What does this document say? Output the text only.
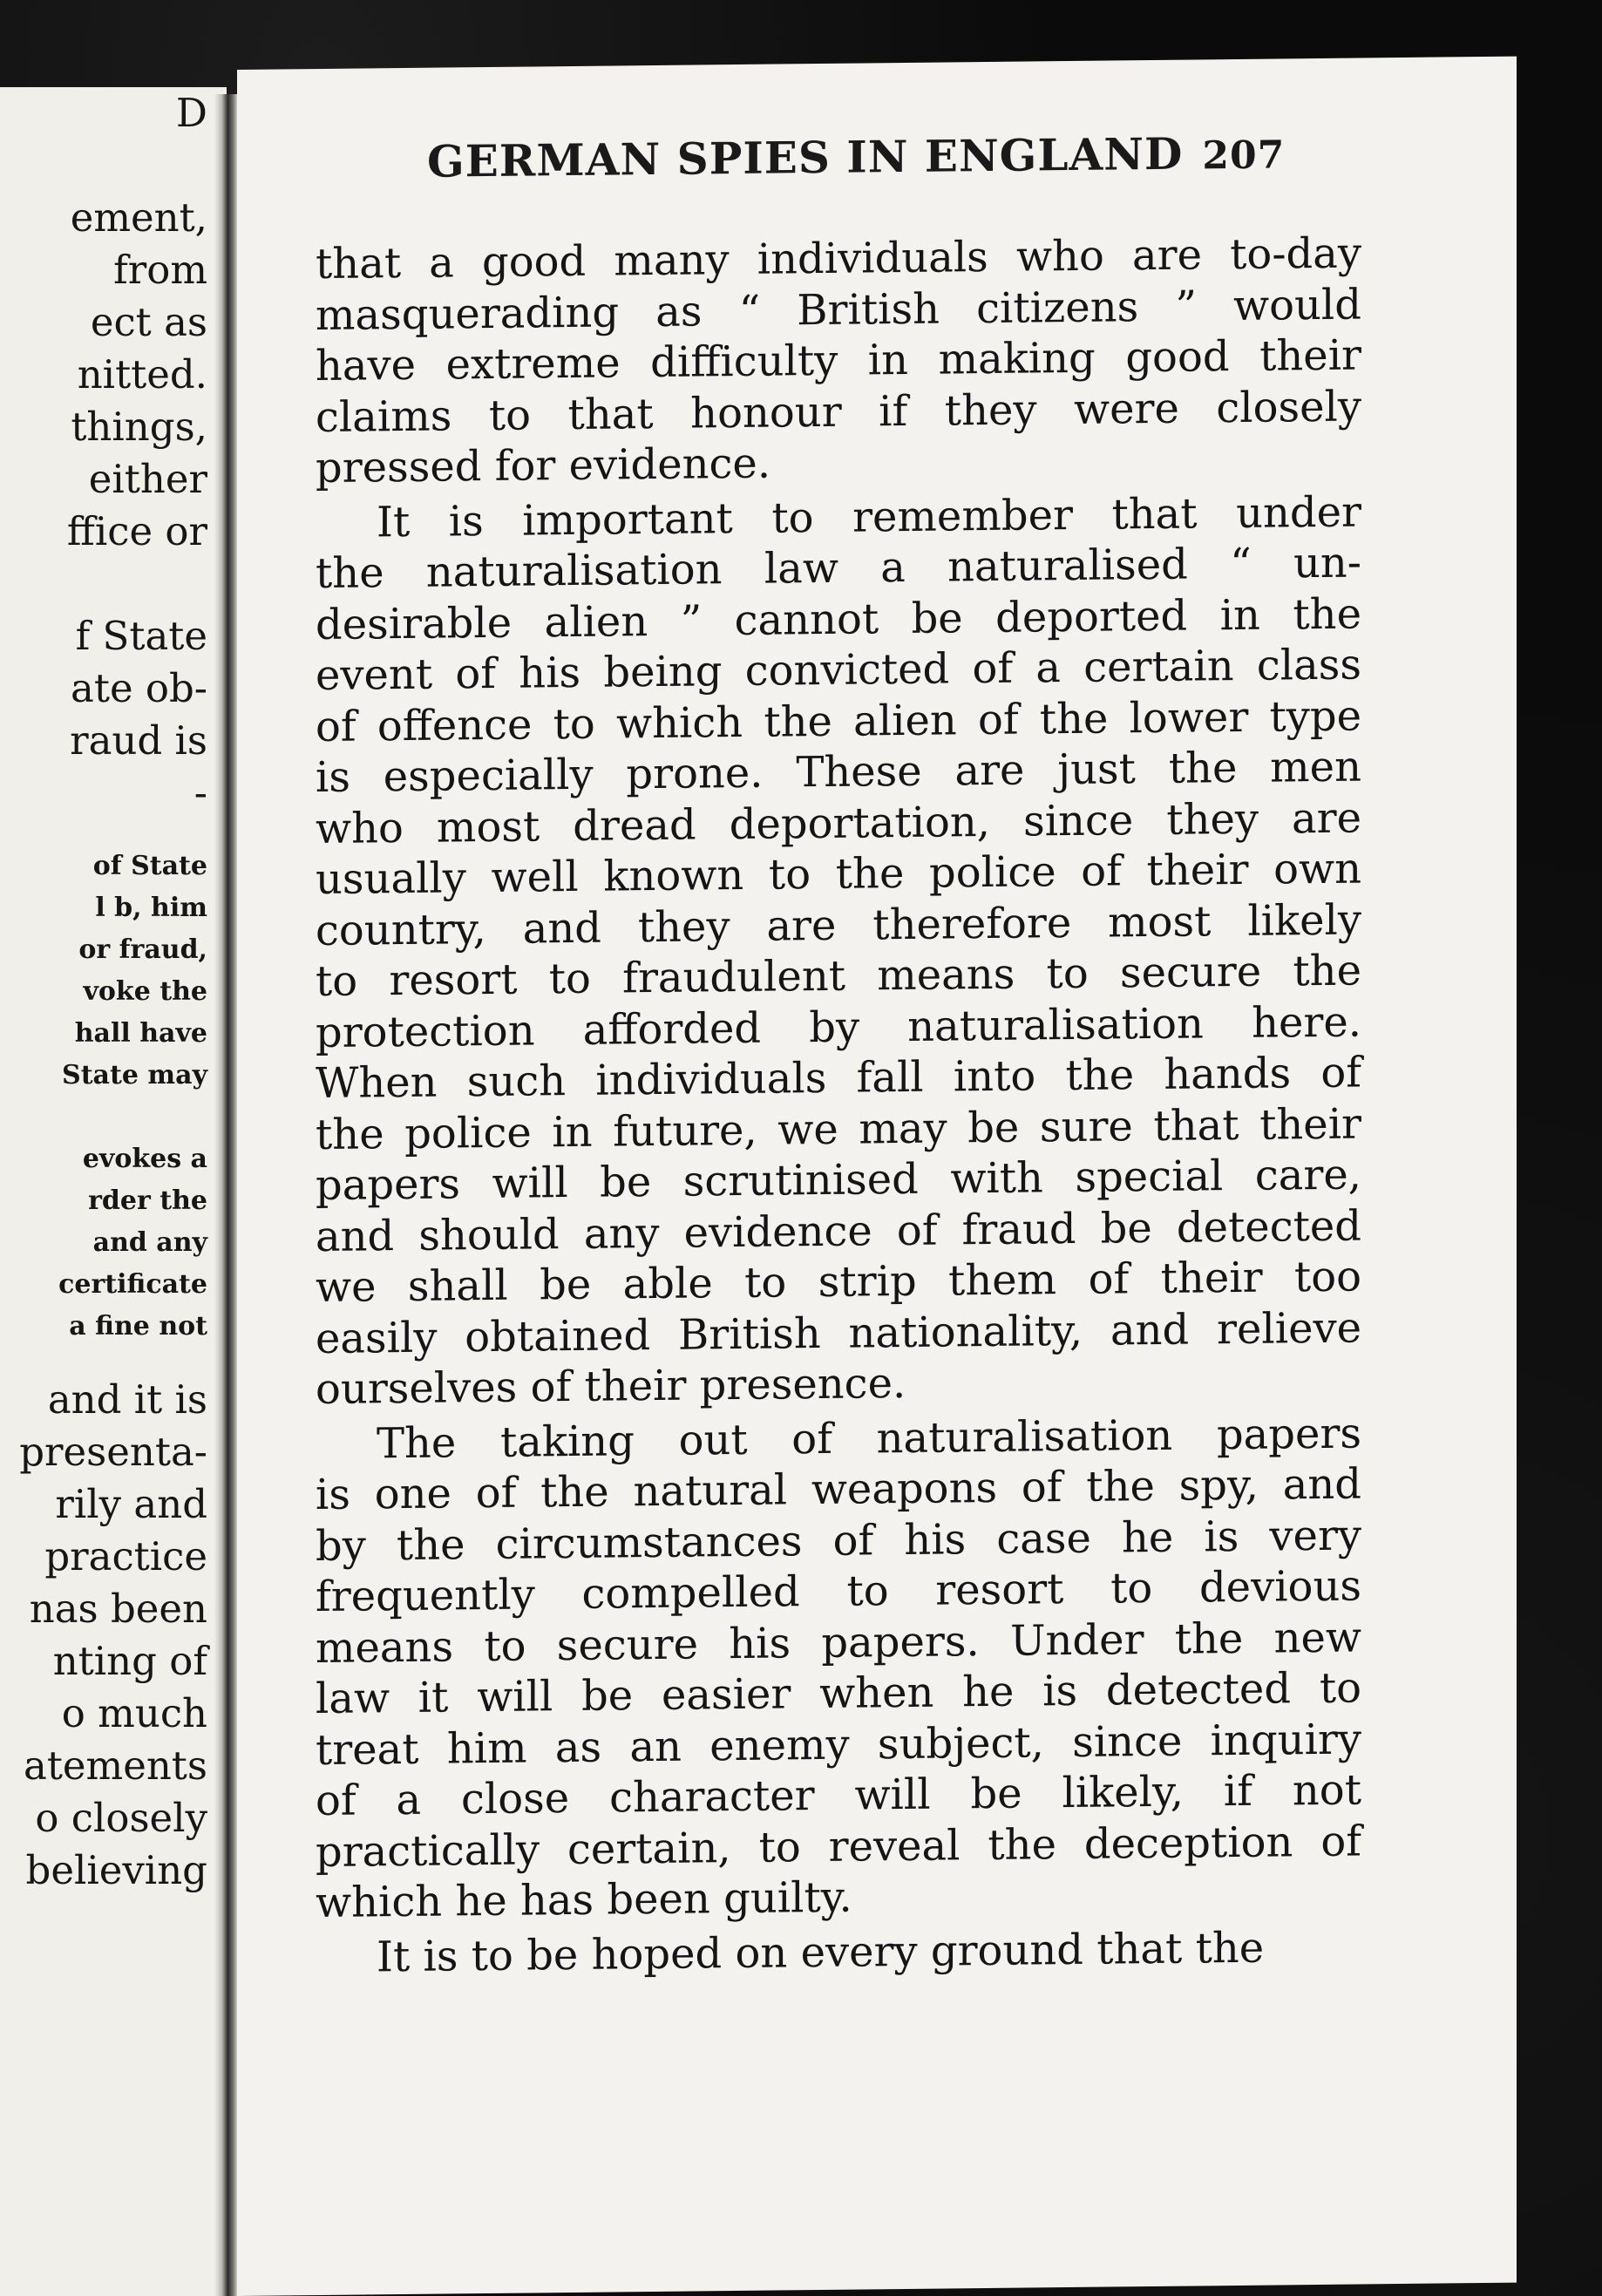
D

ement,
from
ect as
nitted.
things,
either
ffice or

f State
ate ob-
raud is
-
of State
l b, him
or fraud,
voke the
hall have
State may

evokes a
rder the
and any
certificate
a fine not
and it is
presenta-
rily and
practice
nas been
nting of
o much
atements
o closely
believing
GERMAN SPIES IN ENGLAND 207
that a good many individuals who are to-day
masquerading as “ British citizens ” would
have extreme difficulty in making good their
claims to that honour if they were closely
pressed for evidence.
It is important to remember that under
the naturalisation law a naturalised “ un-
desirable alien ” cannot be deported in the
event of his being convicted of a certain class
of offence to which the alien of the lower type
is especially prone. These are just the men
who most dread deportation, since they are
usually well known to the police of their own
country, and they are therefore most likely
to resort to fraudulent means to secure the
protection afforded by naturalisation here.
When such individuals fall into the hands of
the police in future, we may be sure that their
papers will be scrutinised with special care,
and should any evidence of fraud be detected
we shall be able to strip them of their too
easily obtained British nationality, and relieve
ourselves of their presence.
The taking out of naturalisation papers
is one of the natural weapons of the spy, and
by the circumstances of his case he is very
frequently compelled to resort to devious
means to secure his papers. Under the new
law it will be easier when he is detected to
treat him as an enemy subject, since inquiry
of a close character will be likely, if not
practically certain, to reveal the deception of
which he has been guilty.
It is to be hoped on every ground that the
